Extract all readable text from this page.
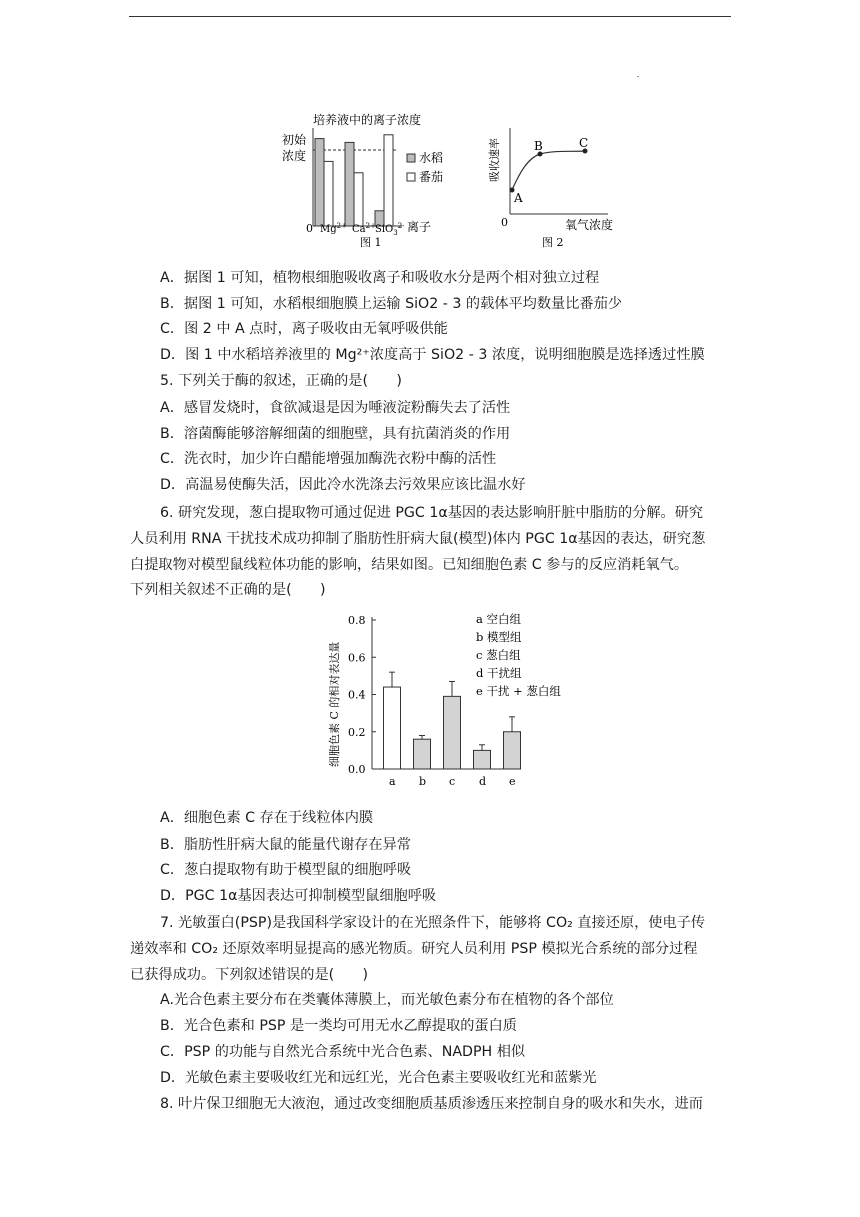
培养液中的离子浓度
初始
浓度
0 $Mg^{2+}$ $Ca^{2+}$ SiO$_3^{2-}$ 离子
图 1
水稻
番茄	吸收速率
A
B	C
0	氧气浓度
图 2
A．据图 1 可知，植物根细胞吸收离子和吸收水分是两个相对独立过程
B．据图 1 可知，水稻根细胞膜上运输 SiO2 - 3 的载体平均数量比番茄少
C．图 2 中 A 点时，离子吸收由无氧呼吸供能
D．图 1 中水稻培养液里的 Mg²⁺浓度高于 SiO2 - 3 浓度，说明细胞膜是选择透过性膜
5. 下列关于酶的叙述，正确的是(　　)
A．感冒发烧时，食欲减退是因为唾液淀粉酶失去了活性
B．溶菌酶能够溶解细菌的细胞壁，具有抗菌消炎的作用
C．洗衣时，加少许白醋能增强加酶洗衣粉中酶的活性
D．高温易使酶失活，因此冷水洗涤去污效果应该比温水好
6. 研究发现，葱白提取物可通过促进 PGC 1α基因的表达影响肝脏中脂肪的分解。研究
人员利用 RNA 干扰技术成功抑制了脂肪性肝病大鼠(模型)体内 PGC 1α基因的表达，研究葱
白提取物对模型鼠线粒体功能的影响，结果如图。已知细胞色素 C 参与的反应消耗氧气。
下列相关叙述不正确的是(　　)
细胞色素 C 的相对表达量
0.0
0.2
0.4
0.6
0.8
a b c d e
a 空白组
b 模型组
c 葱白组
d 干扰组
e 干扰 + 葱白组
A．细胞色素 C 存在于线粒体内膜
B．脂肪性肝病大鼠的能量代谢存在异常
C．葱白提取物有助于模型鼠的细胞呼吸
D．PGC 1α基因表达可抑制模型鼠细胞呼吸
7. 光敏蛋白(PSP)是我国科学家设计的在光照条件下，能够将 CO₂ 直接还原，使电子传
递效率和 CO₂ 还原效率明显提高的感光物质。研究人员利用 PSP 模拟光合系统的部分过程
已获得成功。下列叙述错误的是(　　)
A.光合色素主要分布在类囊体薄膜上，而光敏色素分布在植物的各个部位
B．光合色素和 PSP 是一类均可用无水乙醇提取的蛋白质
C．PSP 的功能与自然光合系统中光合色素、NADPH 相似
D．光敏色素主要吸收红光和远红光，光合色素主要吸收红光和蓝紫光
8. 叶片保卫细胞无大液泡，通过改变细胞质基质渗透压来控制自身的吸水和失水，进而
